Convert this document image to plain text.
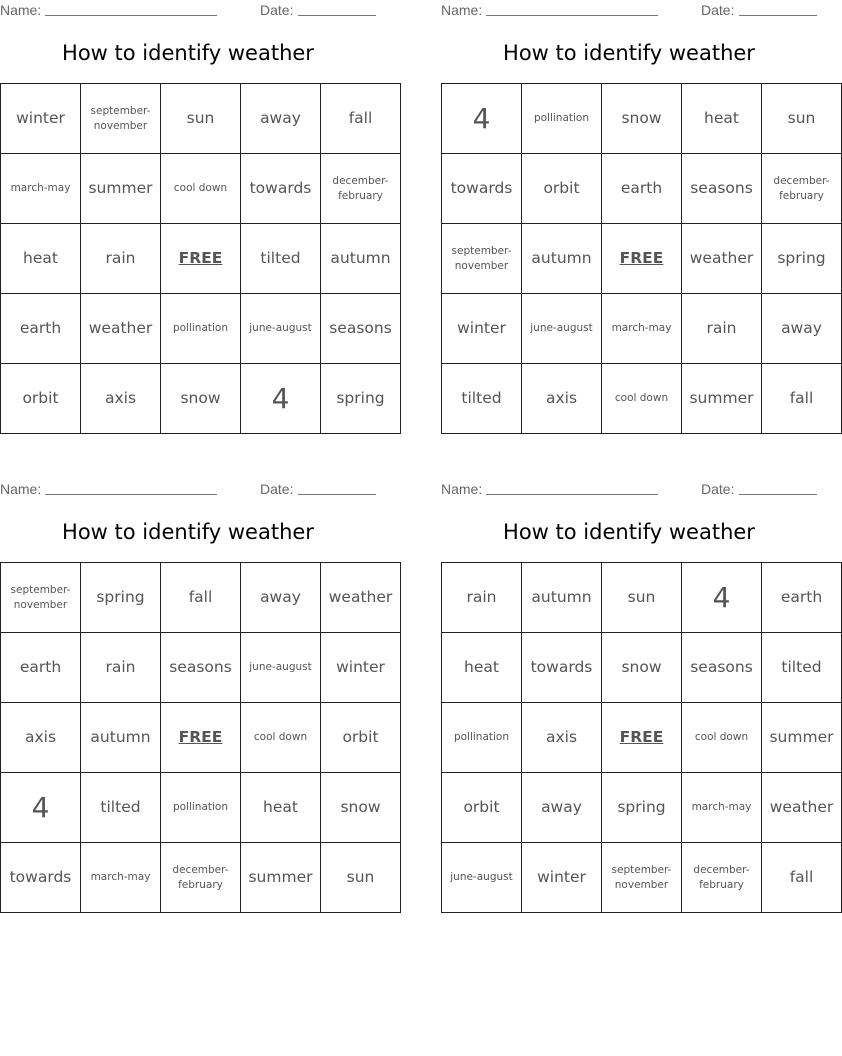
Name:	Date:
How to identify weather
winter	september-november	sun	away	fall
march-may	summer	cool down	towards	december-february
heat	rain	FREE	tilted	autumn
earth	weather	pollination	june-august	seasons
orbit	axis	snow	4	spring
Name:	Date:
How to identify weather
4	pollination	snow	heat	sun
towards	orbit	earth	seasons	december-february
september-november	autumn	FREE	weather	spring
winter	june-august	march-may	rain	away
tilted	axis	cool down	summer	fall
Name:	Date:
How to identify weather
september-november	spring	fall	away	weather
earth	rain	seasons	june-august	winter
axis	autumn	FREE	cool down	orbit
4	tilted	pollination	heat	snow
towards	march-may	december-february	summer	sun
Name:	Date:
How to identify weather
rain	autumn	sun	4	earth
heat	towards	snow	seasons	tilted
pollination	axis	FREE	cool down	summer
orbit	away	spring	march-may	weather
june-august	winter	september-november	december-february	fall
